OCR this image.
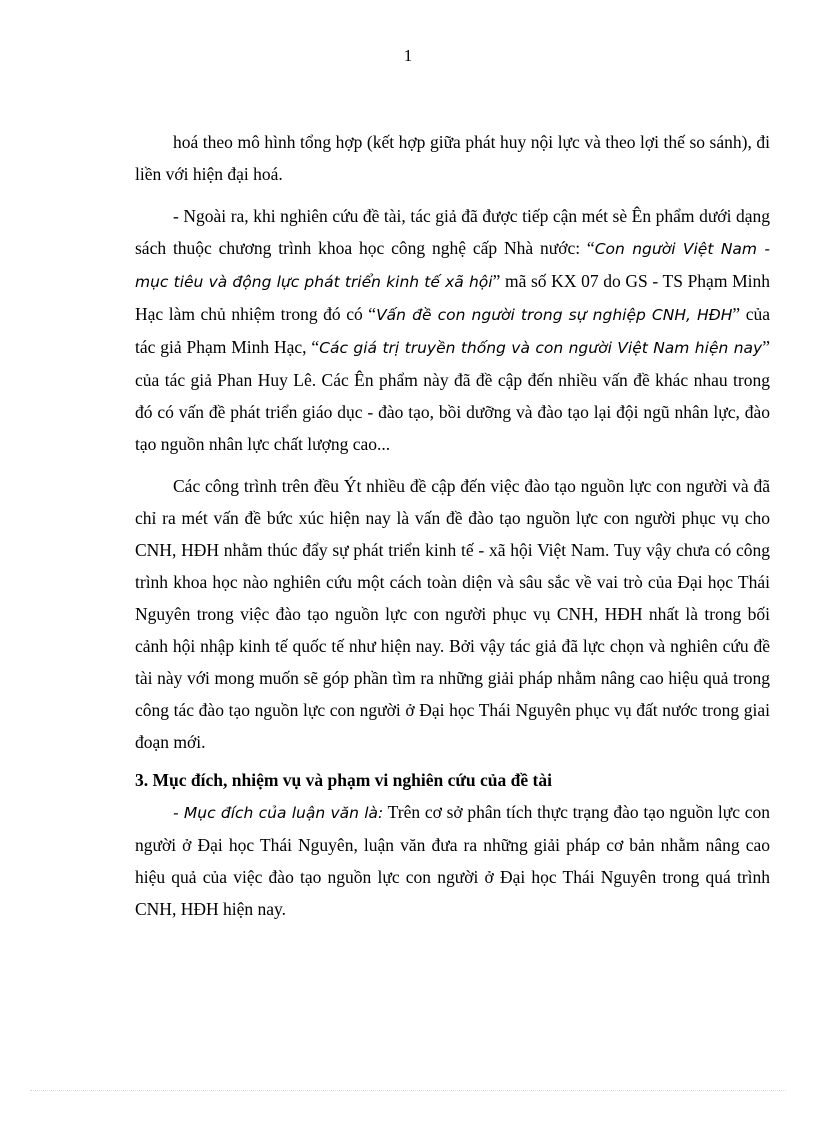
1

hoá theo mô hình tổng hợp (kết hợp giữa phát huy nội lực và theo lợi thế so sánh), đi liền với hiện đại hoá.

- Ngoài ra, khi nghiên cứu đề tài, tác giả đã được tiếp cận mét sè Ên phẩm dưới dạng sách thuộc chương trình khoa học công nghệ cấp Nhà nước: “Con người Việt Nam - mục tiêu và động lực phát triển kinh tế xã hội” mã số KX 07 do GS - TS Phạm Minh Hạc làm chủ nhiệm trong đó có “Vấn đề con người trong sự nghiệp CNH, HĐH” của tác giả Phạm Minh Hạc, “Các giá trị truyền thống và con người Việt Nam hiện nay” của tác giả Phan Huy Lê. Các Ên phẩm này đã đề cập đến nhiều vấn đề khác nhau trong đó có vấn đề phát triển giáo dục - đào tạo, bồi dưỡng và đào tạo lại đội ngũ nhân lực, đào tạo nguồn nhân lực chất lượng cao...

Các công trình trên đều Ýt nhiều đề cập đến việc đào tạo nguồn lực con người và đã chỉ ra mét vấn đề bức xúc hiện nay là vấn đề đào tạo nguồn lực con người phục vụ cho CNH, HĐH nhằm thúc đẩy sự phát triển kinh tế - xã hội Việt Nam. Tuy vậy chưa có công trình khoa học nào nghiên cứu một cách toàn diện và sâu sắc về vai trò của Đại học Thái Nguyên trong việc đào tạo nguồn lực con người phục vụ CNH, HĐH nhất là trong bối cảnh hội nhập kinh tế quốc tế như hiện nay. Bởi vậy tác giả đã lực chọn và nghiên cứu đề tài này với mong muốn sẽ góp phần tìm ra những giải pháp nhằm nâng cao hiệu quả trong công tác đào tạo nguồn lực con người ở Đại học Thái Nguyên phục vụ đất nước trong giai đoạn mới.

3. Mục đích, nhiệm vụ và phạm vi nghiên cứu của đề tài

- Mục đích của luận văn là: Trên cơ sở phân tích thực trạng đào tạo nguồn lực con người ở Đại học Thái Nguyên, luận văn đưa ra những giải pháp cơ bản nhằm nâng cao hiệu quả của việc đào tạo nguồn lực con người ở Đại học Thái Nguyên trong quá trình CNH, HĐH hiện nay.
